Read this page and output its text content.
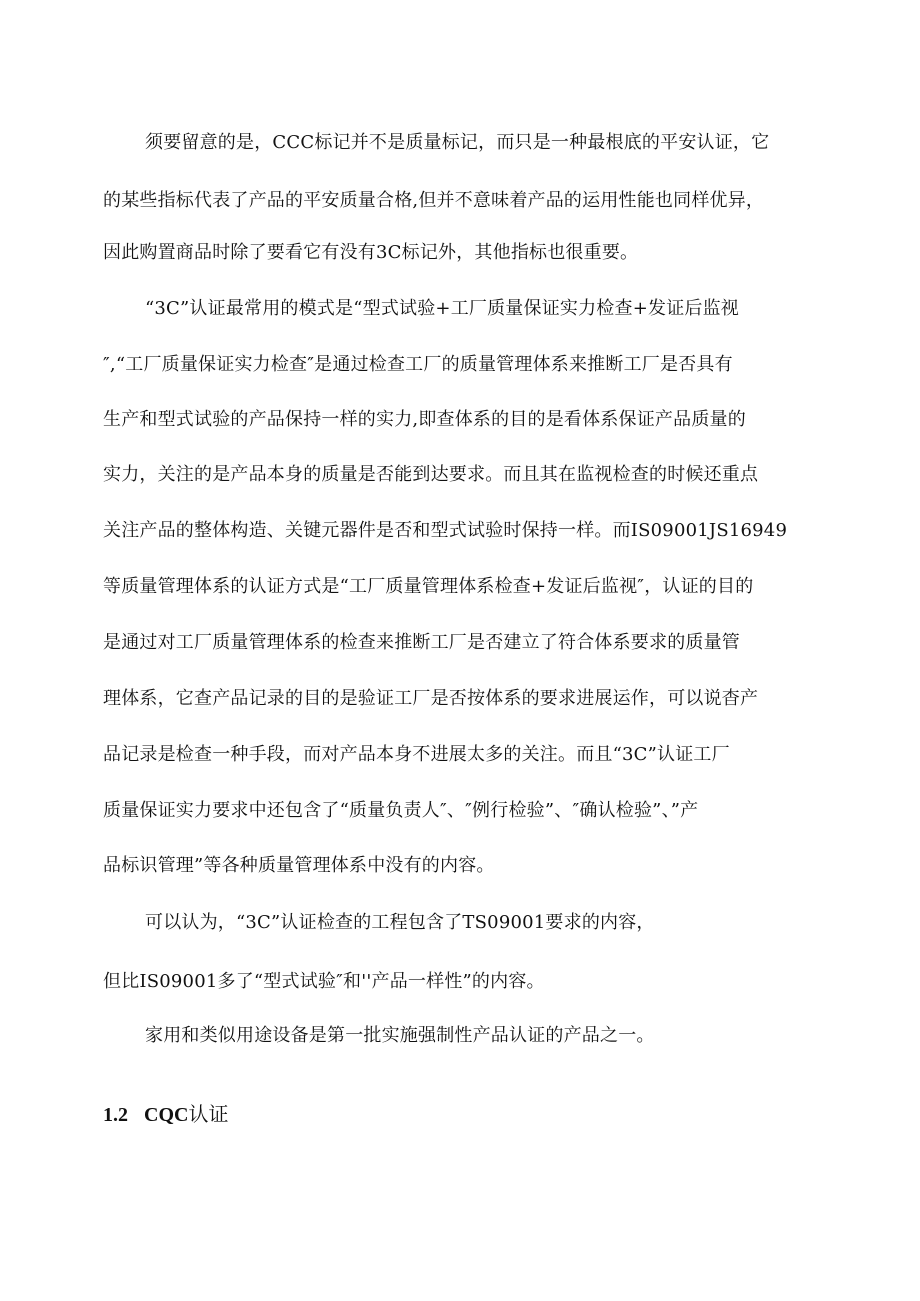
须要留意的是，CCC标记并不是质量标记，而只是一种最根底的平安认证，它

的某些指标代表了产品的平安质量合格,但并不意味着产品的运用性能也同样优异，

因此购置商品时除了要看它有没有3C标记外，其他指标也很重要。

“3C”认证最常用的模式是“型式试验+工厂质量保证实力检查+发证后监视

″,“工厂质量保证实力检查″是通过检查工厂的质量管理体系来推断工厂是否具有

生产和型式试验的产品保持一样的实力,即查体系的目的是看体系保证产品质量的

实力，关注的是产品本身的质量是否能到达要求。而且其在监视检查的时候还重点

关注产品的整体构造、关键元器件是否和型式试验时保持一样。而IS09001JS16949

等质量管理体系的认证方式是“工厂质量管理体系检查+发证后监视″，认证的目的

是通过对工厂质量管理体系的检查来推断工厂是否建立了符合体系要求的质量管

理体系，它查产品记录的目的是验证工厂是否按体系的要求进展运作，可以说杳产

品记录是检查一种手段，而对产品本身不进展太多的关注。而且“3C”认证工厂

质量保证实力要求中还包含了“质量负责人″、″例行检验”、″确认检验”、”产

品标识管理”等各种质量管理体系中没有的内容。

可以认为，“3C”认证检查的工程包含了TS09001要求的内容，

但比IS09001多了“型式试验″和''产品一样性”的内容。

家用和类似用途设备是第一批实施强制性产品认证的产品之一。

1.2 CQC认证
